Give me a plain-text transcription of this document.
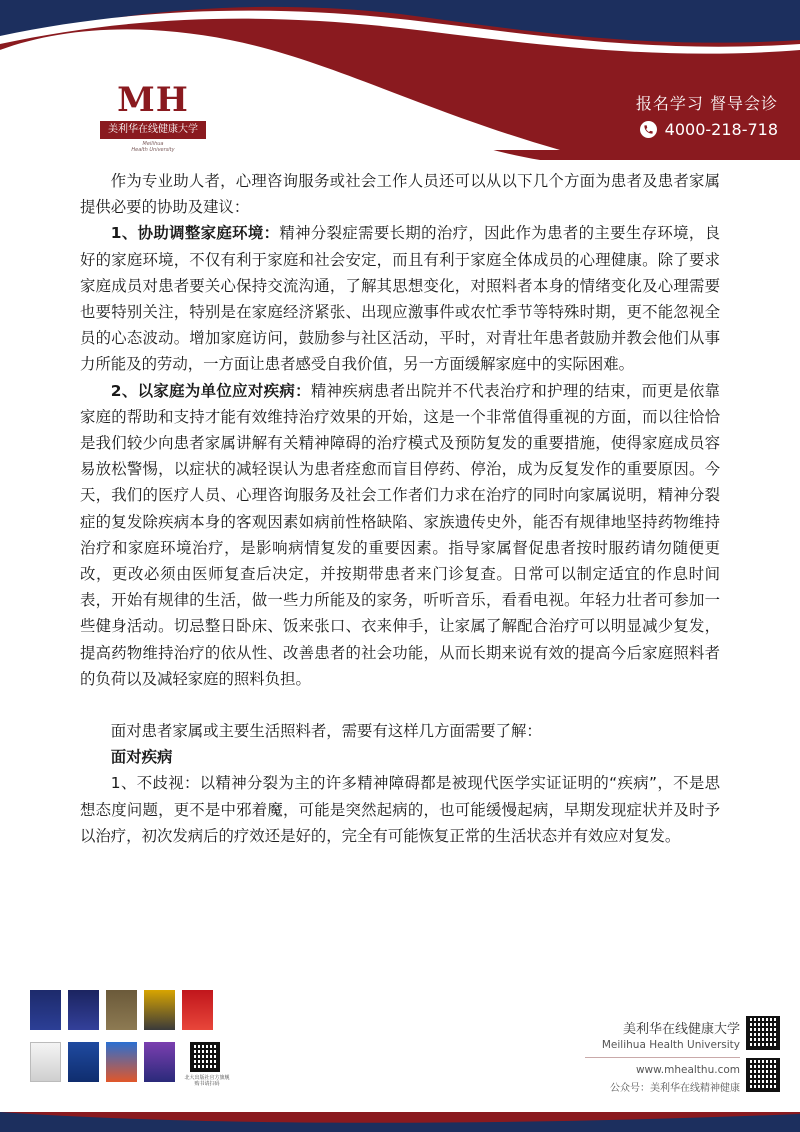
MH
美利华在线健康大学
Meilihua
Health University
报名学习 督导会诊
4000-218-718

作为专业助人者，心理咨询服务或社会工作人员还可以从以下几个方面为患者及患者家属提供必要的协助及建议：

1、协助调整家庭环境：精神分裂症需要长期的治疗，因此作为患者的主要生存环境，良好的家庭环境，不仅有利于家庭和社会安定，而且有利于家庭全体成员的心理健康。除了要求家庭成员对患者要关心保持交流沟通，了解其思想变化，对照料者本身的情绪变化及心理需要也要特别关注，特别是在家庭经济紧张、出现应激事件或农忙季节等特殊时期，更不能忽视全员的心态波动。增加家庭访问，鼓励参与社区活动，平时，对青壮年患者鼓励并教会他们从事力所能及的劳动，一方面让患者感受自我价值，另一方面缓解家庭中的实际困难。

2、以家庭为单位应对疾病：精神疾病患者出院并不代表治疗和护理的结束，而更是依靠家庭的帮助和支持才能有效维持治疗效果的开始，这是一个非常值得重视的方面，而以往恰恰是我们较少向患者家属讲解有关精神障碍的治疗模式及预防复发的重要措施，使得家庭成员容易放松警惕，以症状的减轻误认为患者痊愈而盲目停药、停治，成为反复发作的重要原因。今天，我们的医疗人员、心理咨询服务及社会工作者们力求在治疗的同时向家属说明，精神分裂症的复发除疾病本身的客观因素如病前性格缺陷、家族遗传史外，能否有规律地坚持药物维持治疗和家庭环境治疗，是影响病情复发的重要因素。指导家属督促患者按时服药请勿随便更改，更改必须由医师复查后决定，并按期带患者来门诊复查。日常可以制定适宜的作息时间表，开始有规律的生活，做一些力所能及的家务，听听音乐，看看电视。年轻力壮者可参加一些健身活动。切忌整日卧床、饭来张口、衣来伸手，让家属了解配合治疗可以明显减少复发，提高药物维持治疗的依从性、改善患者的社会功能，从而长期来说有效的提高今后家庭照料者的负荷以及减轻家庭的照料负担。

面对患者家属或主要生活照料者，需要有这样几方面需要了解：

面对疾病

1、不歧视：以精神分裂为主的许多精神障碍都是被现代医学实证证明的“疾病”，不是思想态度问题，更不是中邪着魔，可能是突然起病的，也可能缓慢起病，早期发现症状并及时予以治疗，初次发病后的疗效还是好的，完全有可能恢复正常的生活状态并有效应对复发。

北大出版社官方旗舰
购书请扫码
美利华在线健康大学
Meilihua Health University
www.mhealthu.com
公众号：美利华在线精神健康
